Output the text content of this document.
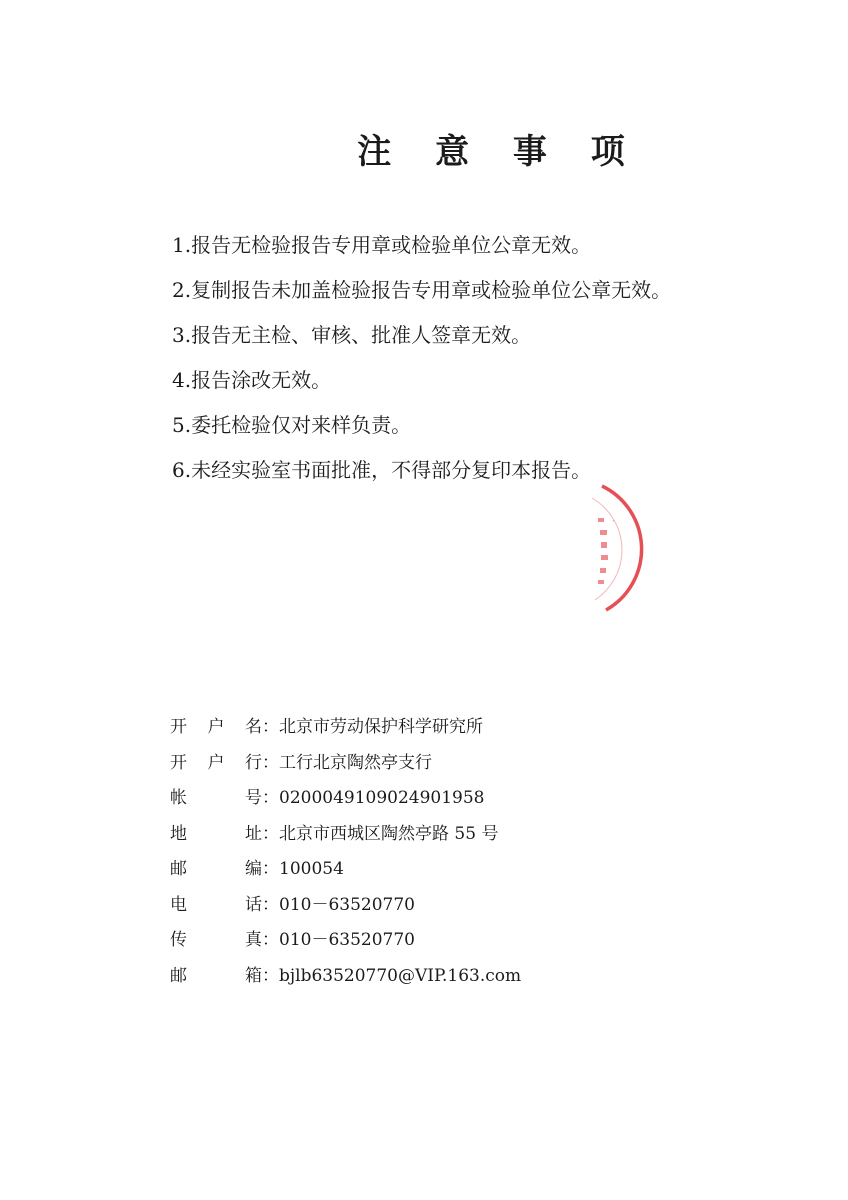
注 意 事 项
1.报告无检验报告专用章或检验单位公章无效。
2.复制报告未加盖检验报告专用章或检验单位公章无效。
3.报告无主检、审核、批准人签章无效。
4.报告涂改无效。
5.委托检验仅对来样负责。
6.未经实验室书面批准，不得部分复印本报告。
·
开 户 名 ： 北京市劳动保护科学研究所
开 户 行 ： 工行北京陶然亭支行
帐	号 ： 0200049109024901958
地	址 ： 北京市西城区陶然亭路 55 号
邮	编 ： 100054
电	话 ： 010－63520770
传	真 ： 010－63520770
邮	箱 ： bjlb63520770@VIP.163.com
